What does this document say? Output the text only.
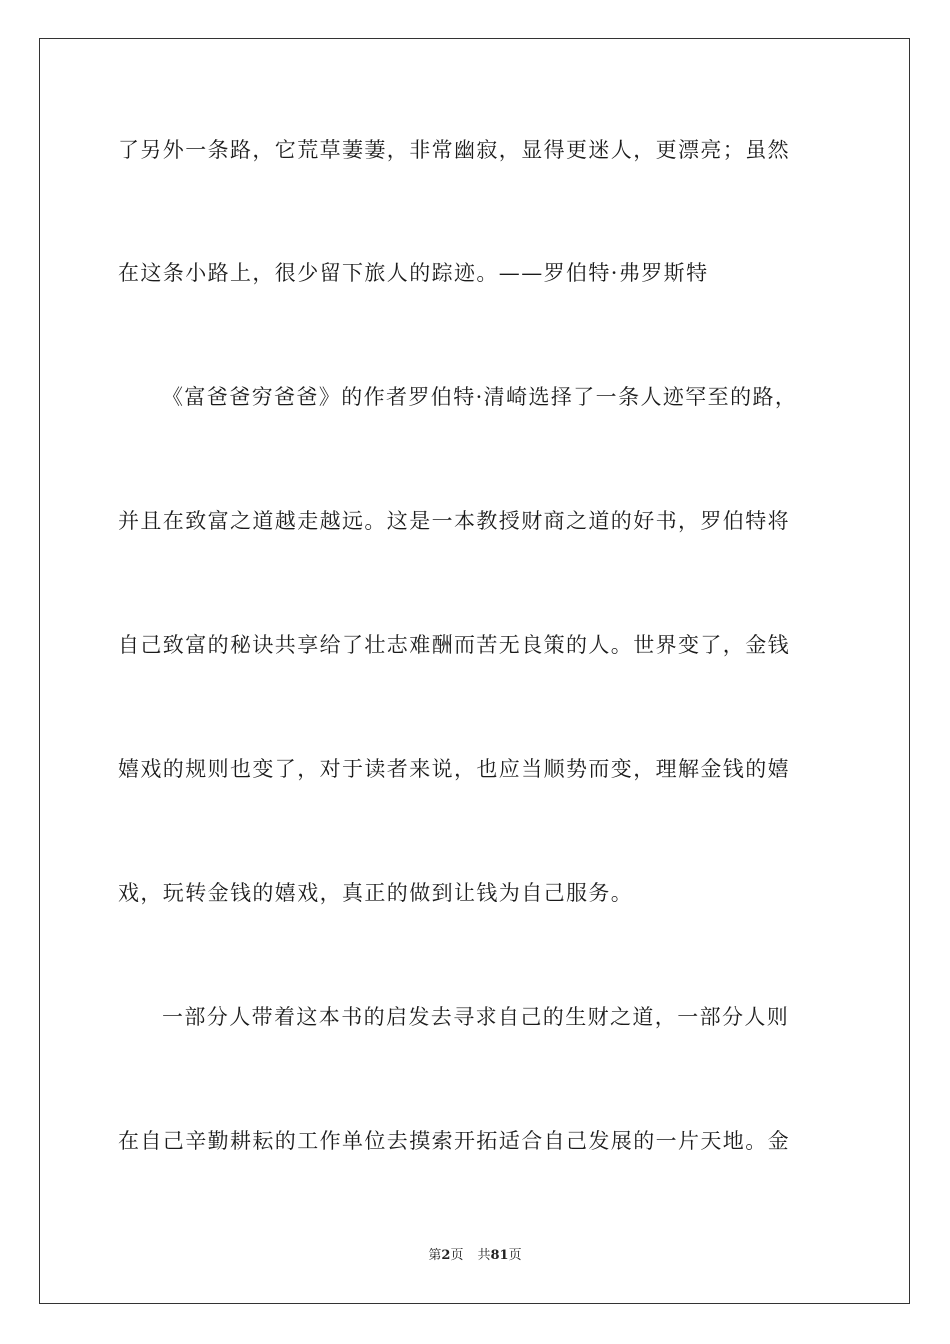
了另外一条路，它荒草萋萋，非常幽寂，显得更迷人，更漂亮；虽然

在这条小路上，很少留下旅人的踪迹。——罗伯特·弗罗斯特

《富爸爸穷爸爸》的作者罗伯特·清崎选择了一条人迹罕至的路，

并且在致富之道越走越远。这是一本教授财商之道的好书，罗伯特将

自己致富的秘诀共享给了壮志难酬而苦无良策的人。世界变了，金钱

嬉戏的规则也变了，对于读者来说，也应当顺势而变，理解金钱的嬉

戏，玩转金钱的嬉戏，真正的做到让钱为自己服务。

一部分人带着这本书的启发去寻求自己的生财之道，一部分人则

在自己辛勤耕耘的工作单位去摸索开拓适合自己发展的一片天地。金

第2页 共81页
